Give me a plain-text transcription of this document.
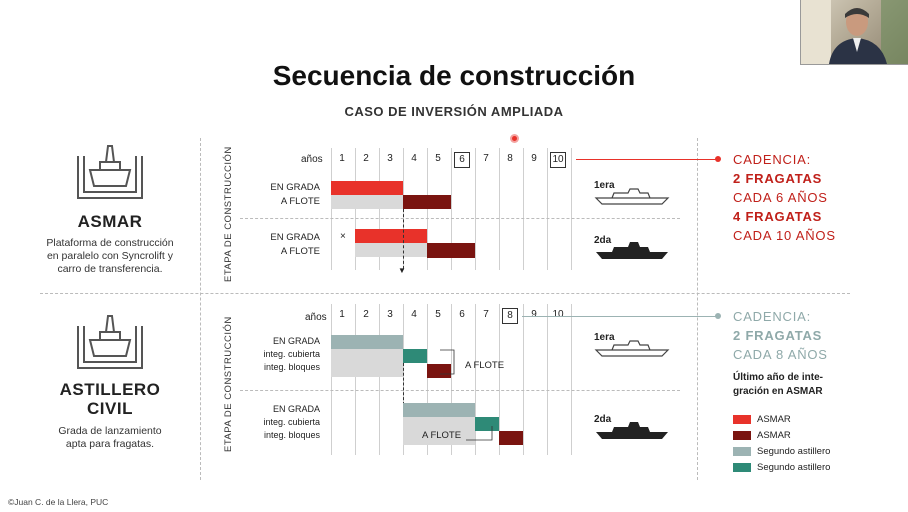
Secuencia de construcción
CASO DE INVERSIÓN AMPLIADA
ASMAR
Plataforma de construcción
en paralelo con Syncrolift y
carro de transferencia.
ASTILLERO
CIVIL
Grada de lanzamiento
apta para fragatas.
ETAPA DE CONSTRUCCIÓN
ETAPA DE CONSTRUCCIÓN
años	1	2	3	4	5	6	7	8	9	10
EN GRADA
A FLOTE
EN GRADA
A FLOTE
×
▼
1era
2da
CADENCIA:
2 FRAGATAS
CADA 6 AÑOS
4 FRAGATAS
CADA 10 AÑOS
años	1	2	3	4	5	6	7	8	9	10
EN GRADA
integ. cubierta
integ. bloques
EN GRADA
integ. cubierta
integ. bloques
A FLOTE
A FLOTE
1era
2da
CADENCIA:
2 FRAGATAS
CADA 8 AÑOS
Último año de inte-
gración en ASMAR
ASMAR
ASMAR
Segundo astillero
Segundo astillero
©Juan C. de la Llera, PUC
